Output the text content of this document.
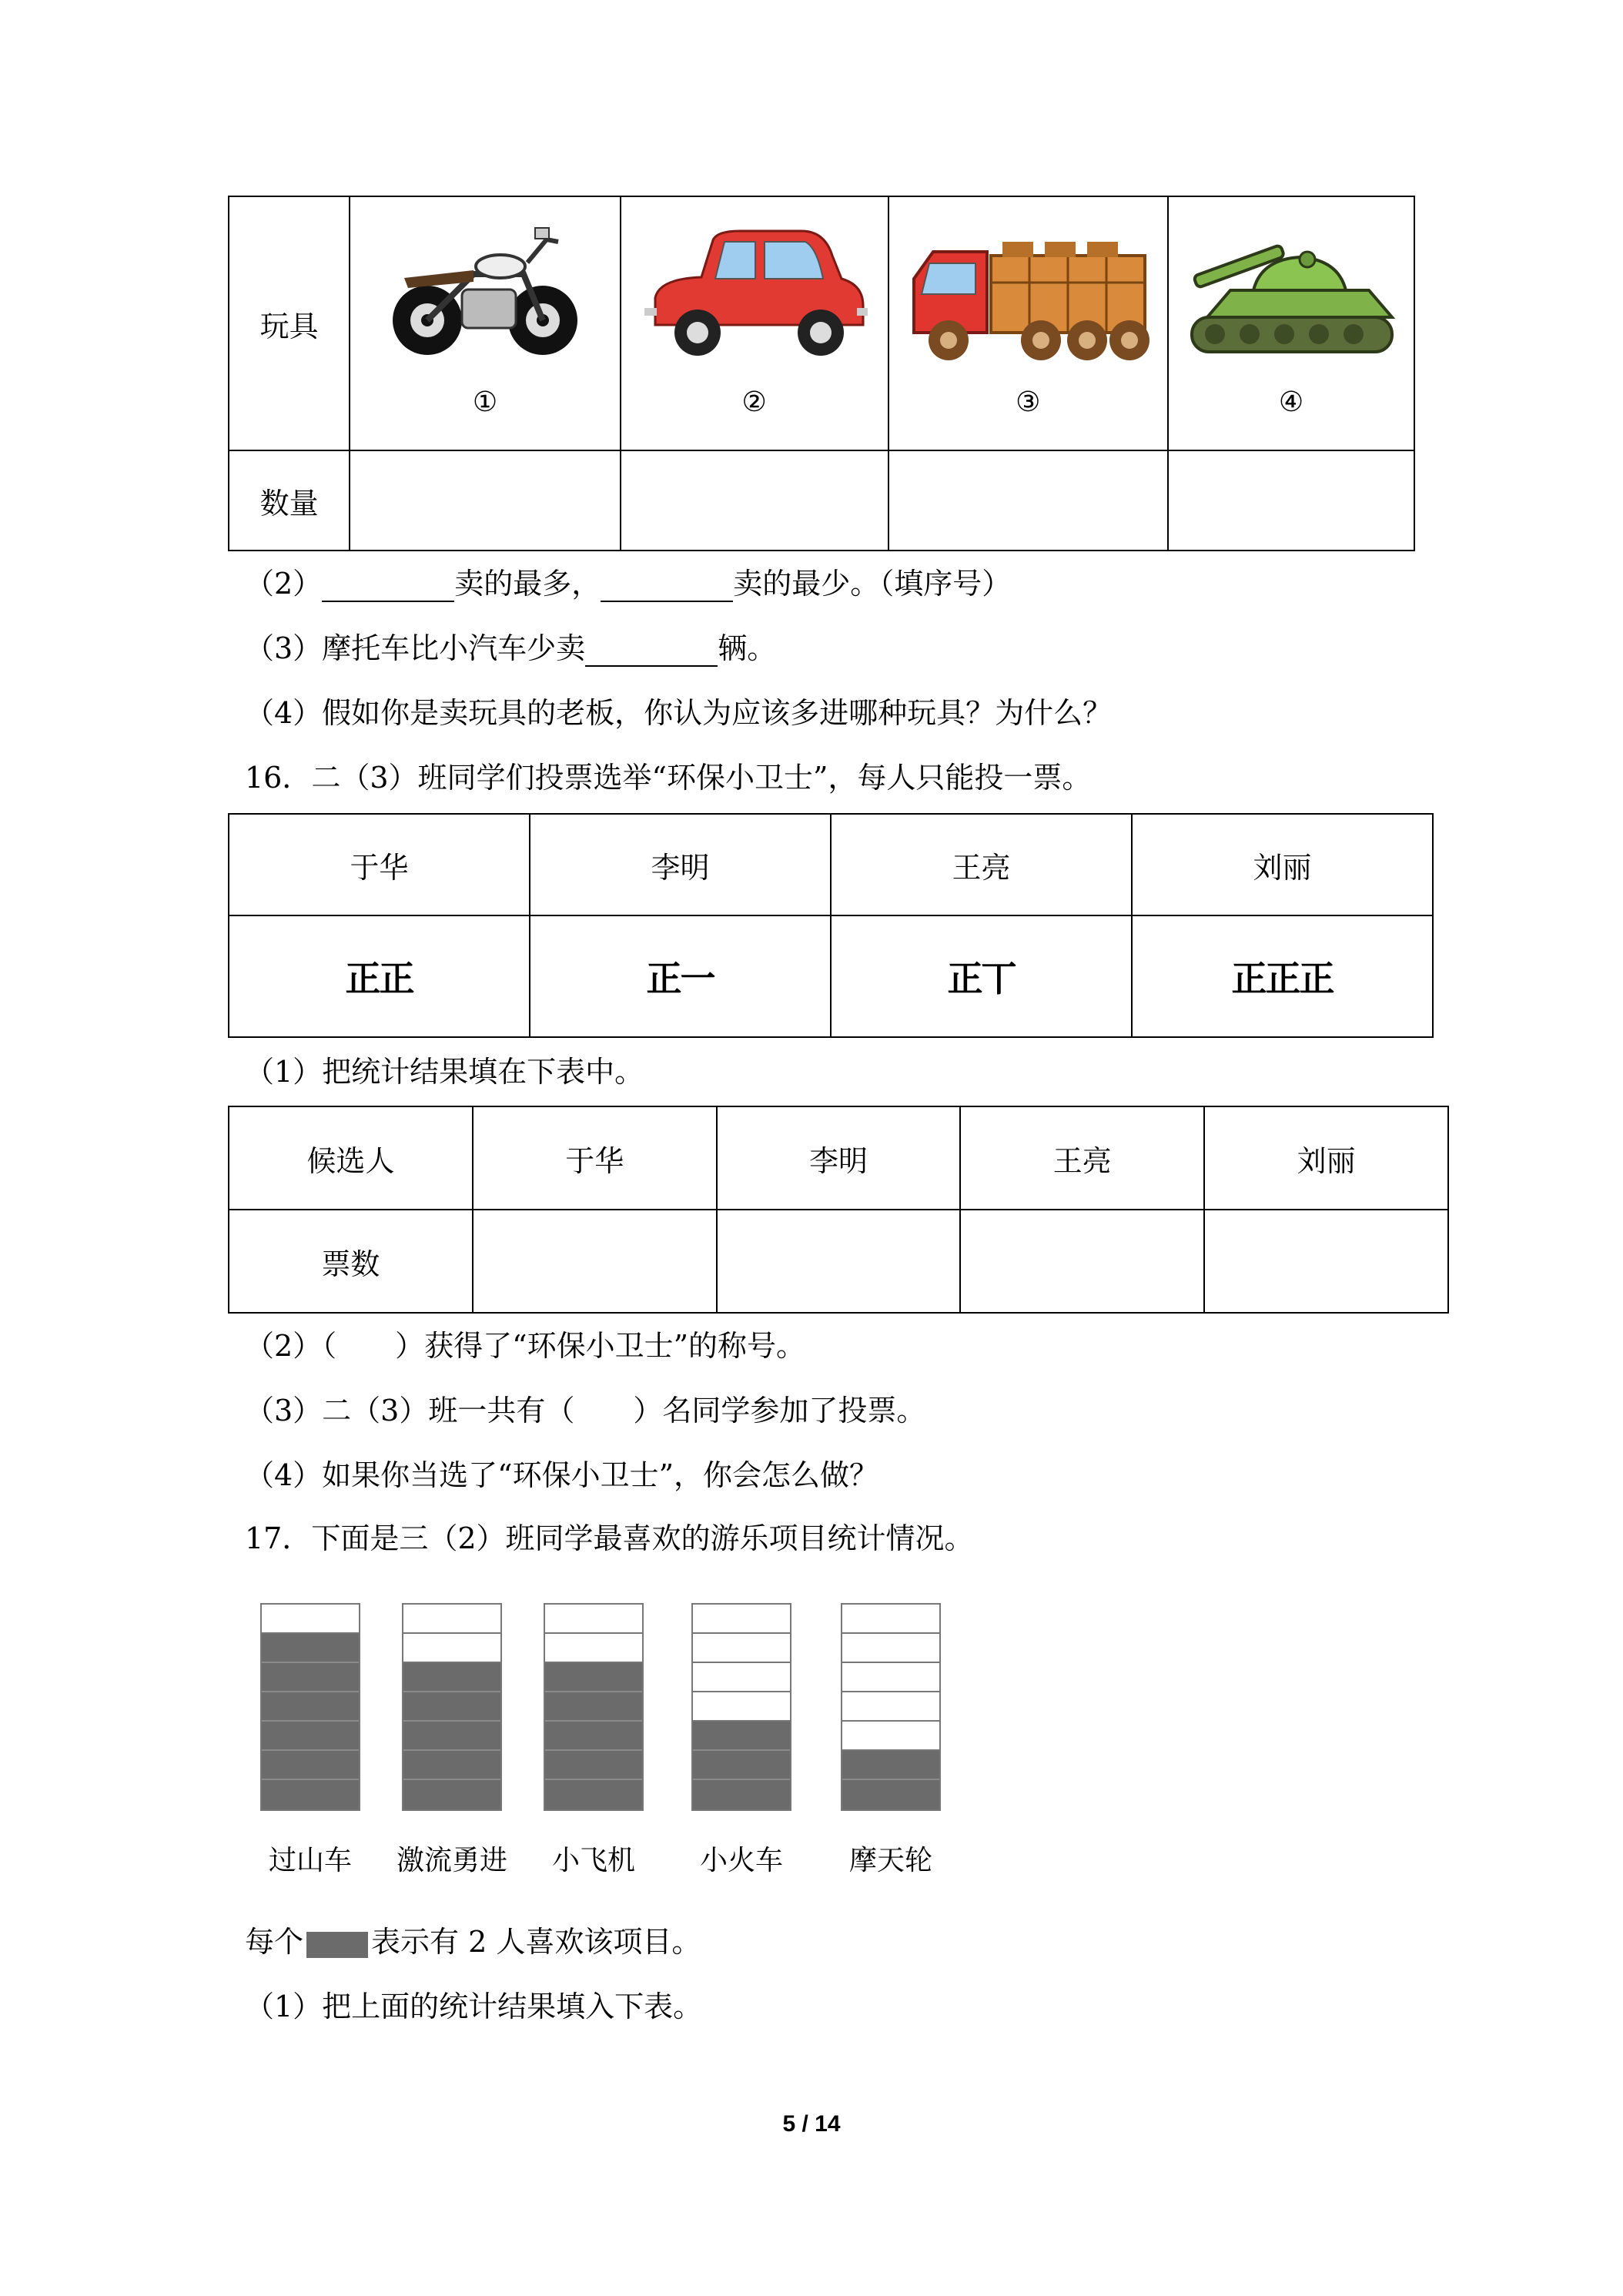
玩具	①	②	③	④

数量				
（2）	卖的最多，	卖的最少。（填序号）
（3）摩托车比小汽车少卖	辆。
（4）假如你是卖玩具的老板，你认为应该多进哪种玩具？为什么？
16．二（3）班同学们投票选举“环保小卫士”，每人只能投一票。
于华	李明	王亮	刘丽
正正	正一	正丅	正正正
（1）把统计结果填在下表中。
候选人	于华	李明	王亮	刘丽
票数				
（2）（　　）获得了“环保小卫士”的称号。
（3）二（3）班一共有（　　）名同学参加了投票。
（4）如果你当选了“环保小卫士”，你会怎么做？
17．下面是三（2）班同学最喜欢的游乐项目统计情况。
过山车	激流勇进	小飞机	小火车	摩天轮
每个 表示有 2 人喜欢该项目。
（1）把上面的统计结果填入下表。
5 / 14
